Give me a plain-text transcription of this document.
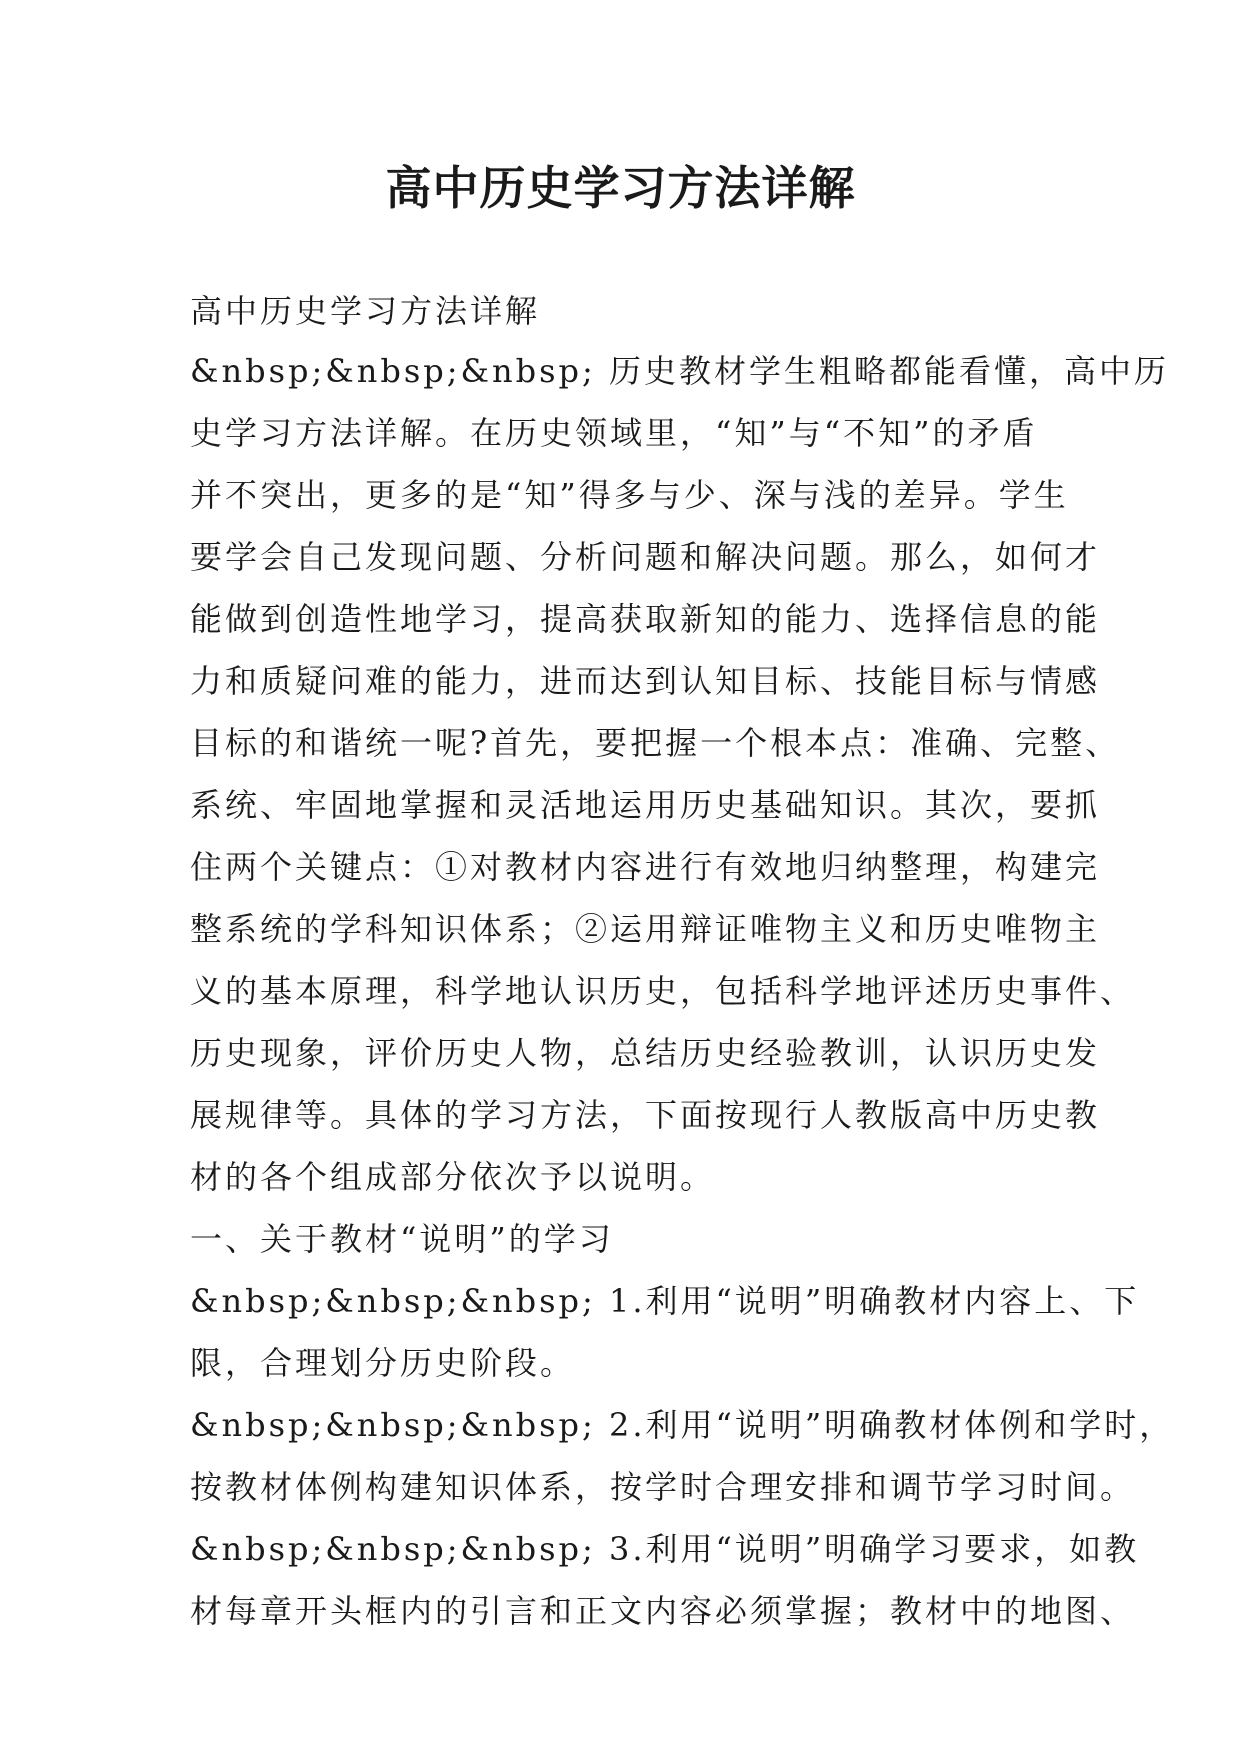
高中历史学习方法详解

高中历史学习方法详解

&nbsp;&nbsp;&nbsp; 历史教材学生粗略都能看懂，高中历

史学习方法详解。在历史领域里，“知”与“不知”的矛盾

并不突出，更多的是“知”得多与少、深与浅的差异。学生

要学会自己发现问题、分析问题和解决问题。那么，如何才

能做到创造性地学习，提高获取新知的能力、选择信息的能

力和质疑问难的能力，进而达到认知目标、技能目标与情感

目标的和谐统一呢?首先，要把握一个根本点：准确、完整、

系统、牢固地掌握和灵活地运用历史基础知识。其次，要抓

住两个关键点：①对教材内容进行有效地归纳整理，构建完

整系统的学科知识体系；②运用辩证唯物主义和历史唯物主

义的基本原理，科学地认识历史，包括科学地评述历史事件、

历史现象，评价历史人物，总结历史经验教训，认识历史发

展规律等。具体的学习方法，下面按现行人教版高中历史教

材的各个组成部分依次予以说明。

一、关于教材“说明”的学习

&nbsp;&nbsp;&nbsp; 1.利用“说明”明确教材内容上、下

限，合理划分历史阶段。

&nbsp;&nbsp;&nbsp; 2.利用“说明”明确教材体例和学时，

按教材体例构建知识体系，按学时合理安排和调节学习时间。

&nbsp;&nbsp;&nbsp; 3.利用“说明”明确学习要求，如教

材每章开头框内的引言和正文内容必须掌握；教材中的地图、
